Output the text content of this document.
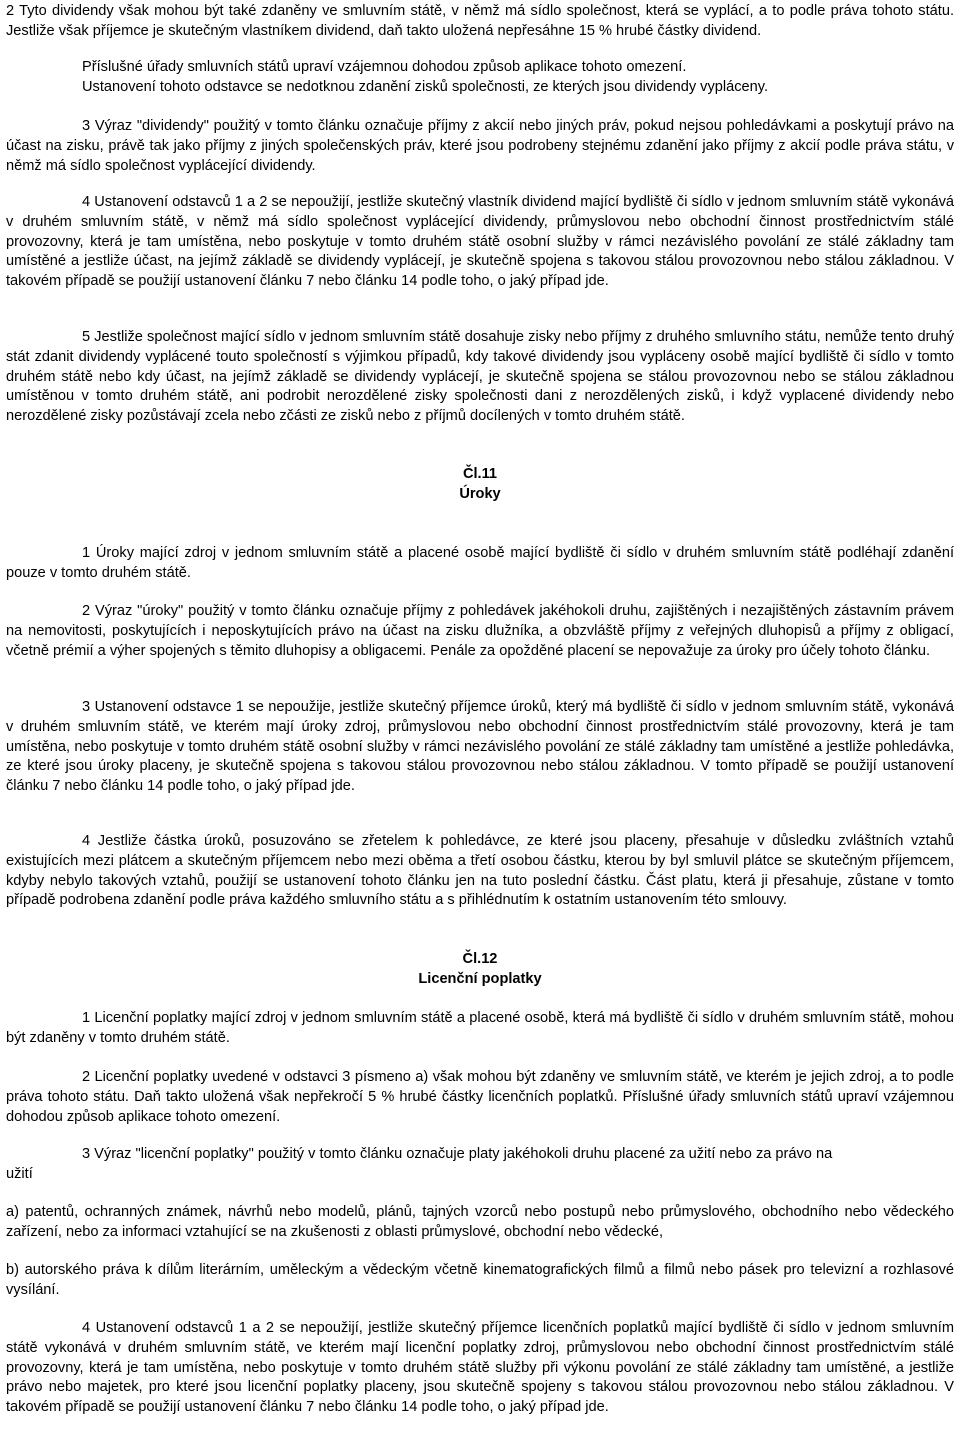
2 Tyto dividendy však mohou být také zdaněny ve smluvním státě, v němž má sídlo společnost, která se vyplácí, a to podle práva tohoto státu. Jestliže však příjemce je skutečným vlastníkem dividend, daň takto uložená nepřesáhne 15 % hrubé částky dividend.

Příslušné úřady smluvních států upraví vzájemnou dohodou způsob aplikace tohoto omezení.

Ustanovení tohoto odstavce se nedotknou zdanění zisků společnosti, ze kterých jsou dividendy vypláceny.

3 Výraz "dividendy" použitý v tomto článku označuje příjmy z akcií nebo jiných práv, pokud nejsou pohledávkami a poskytují právo na účast na zisku, právě tak jako příjmy z jiných společenských práv, které jsou podrobeny stejnému zdanění jako příjmy z akcií podle práva státu, v němž má sídlo společnost vyplácející dividendy.

4 Ustanovení odstavců 1 a 2 se nepoužijí, jestliže skutečný vlastník dividend mající bydliště či sídlo v jednom smluvním státě vykonává v druhém smluvním státě, v němž má sídlo společnost vyplácející dividendy, průmyslovou nebo obchodní činnost prostřednictvím stálé provozovny, která je tam umístěna, nebo poskytuje v tomto druhém státě osobní služby v rámci nezávislého povolání ze stálé základny tam umístěné a jestliže účast, na jejímž základě se dividendy vyplácejí, je skutečně spojena s takovou stálou provozovnou nebo stálou základnou. V takovém případě se použijí ustanovení článku 7 nebo článku 14 podle toho, o jaký případ jde.

5 Jestliže společnost mající sídlo v jednom smluvním státě dosahuje zisky nebo příjmy z druhého smluvního státu, nemůže tento druhý stát zdanit dividendy vyplácené touto společností s výjimkou případů, kdy takové dividendy jsou vypláceny osobě mající bydliště či sídlo v tomto druhém státě nebo kdy účast, na jejímž základě se dividendy vyplácejí, je skutečně spojena se stálou provozovnou nebo se stálou základnou umístěnou v tomto druhém státě, ani podrobit nerozdělené zisky společnosti dani z nerozdělených zisků, i když vyplacené dividendy nebo nerozdělené zisky pozůstávají zcela nebo zčásti ze zisků nebo z příjmů docílených v tomto druhém státě.

Čl.11

Úroky

1 Úroky mající zdroj v jednom smluvním státě a placené osobě mající bydliště či sídlo v druhém smluvním státě podléhají zdanění pouze v tomto druhém státě.

2 Výraz "úroky" použitý v tomto článku označuje příjmy z pohledávek jakéhokoli druhu, zajištěných i nezajištěných zástavním právem na nemovitosti, poskytujících i neposkytujících právo na účast na zisku dlužníka, a obzvláště příjmy z veřejných dluhopisů a příjmy z obligací, včetně prémií a výher spojených s těmito dluhopisy a obligacemi. Penále za opožděné placení se nepovažuje za úroky pro účely tohoto článku.

3 Ustanovení odstavce 1 se nepoužije, jestliže skutečný příjemce úroků, který má bydliště či sídlo v jednom smluvním státě, vykonává v druhém smluvním státě, ve kterém mají úroky zdroj, průmyslovou nebo obchodní činnost prostřednictvím stálé provozovny, která je tam umístěna, nebo poskytuje v tomto druhém státě osobní služby v rámci nezávislého povolání ze stálé základny tam umístěné a jestliže pohledávka, ze které jsou úroky placeny, je skutečně spojena s takovou stálou provozovnou nebo stálou základnou. V tomto případě se použijí ustanovení článku 7 nebo článku 14 podle toho, o jaký případ jde.

4 Jestliže částka úroků, posuzováno se zřetelem k pohledávce, ze které jsou placeny, přesahuje v důsledku zvláštních vztahů existujících mezi plátcem a skutečným příjemcem nebo mezi oběma a třetí osobou částku, kterou by byl smluvil plátce se skutečným příjemcem, kdyby nebylo takových vztahů, použijí se ustanovení tohoto článku jen na tuto poslední částku. Část platu, která ji přesahuje, zůstane v tomto případě podrobena zdanění podle práva každého smluvního státu a s přihlédnutím k ostatním ustanovením této smlouvy.

Čl.12

Licenční poplatky

1 Licenční poplatky mající zdroj v jednom smluvním státě a placené osobě, která má bydliště či sídlo v druhém smluvním státě, mohou být zdaněny v tomto druhém státě.

2 Licenční poplatky uvedené v odstavci 3 písmeno a) však mohou být zdaněny ve smluvním státě, ve kterém je jejich zdroj, a to podle práva tohoto státu. Daň takto uložená však nepřekročí 5 % hrubé částky licenčních poplatků. Příslušné úřady smluvních států upraví vzájemnou dohodou způsob aplikace tohoto omezení.

3 Výraz "licenční poplatky" použitý v tomto článku označuje platy jakéhokoli druhu placené za užití nebo za právo na

užití

a) patentů, ochranných známek, návrhů nebo modelů, plánů, tajných vzorců nebo postupů nebo průmyslového, obchodního nebo vědeckého zařízení, nebo za informaci vztahující se na zkušenosti z oblasti průmyslové, obchodní nebo vědecké,

b) autorského práva k dílům literárním, uměleckým a vědeckým včetně kinematografických filmů a filmů nebo pásek pro televizní a rozhlasové vysílání.

4 Ustanovení odstavců 1 a 2 se nepoužijí, jestliže skutečný příjemce licenčních poplatků mající bydliště či sídlo v jednom smluvním státě vykonává v druhém smluvním státě, ve kterém mají licenční poplatky zdroj, průmyslovou nebo obchodní činnost prostřednictvím stálé provozovny, která je tam umístěna, nebo poskytuje v tomto druhém státě služby při výkonu povolání ze stálé základny tam umístěné, a jestliže právo nebo majetek, pro které jsou licenční poplatky placeny, jsou skutečně spojeny s takovou stálou provozovnou nebo stálou základnou. V takovém případě se použijí ustanovení článku 7 nebo článku 14 podle toho, o jaký případ jde.
